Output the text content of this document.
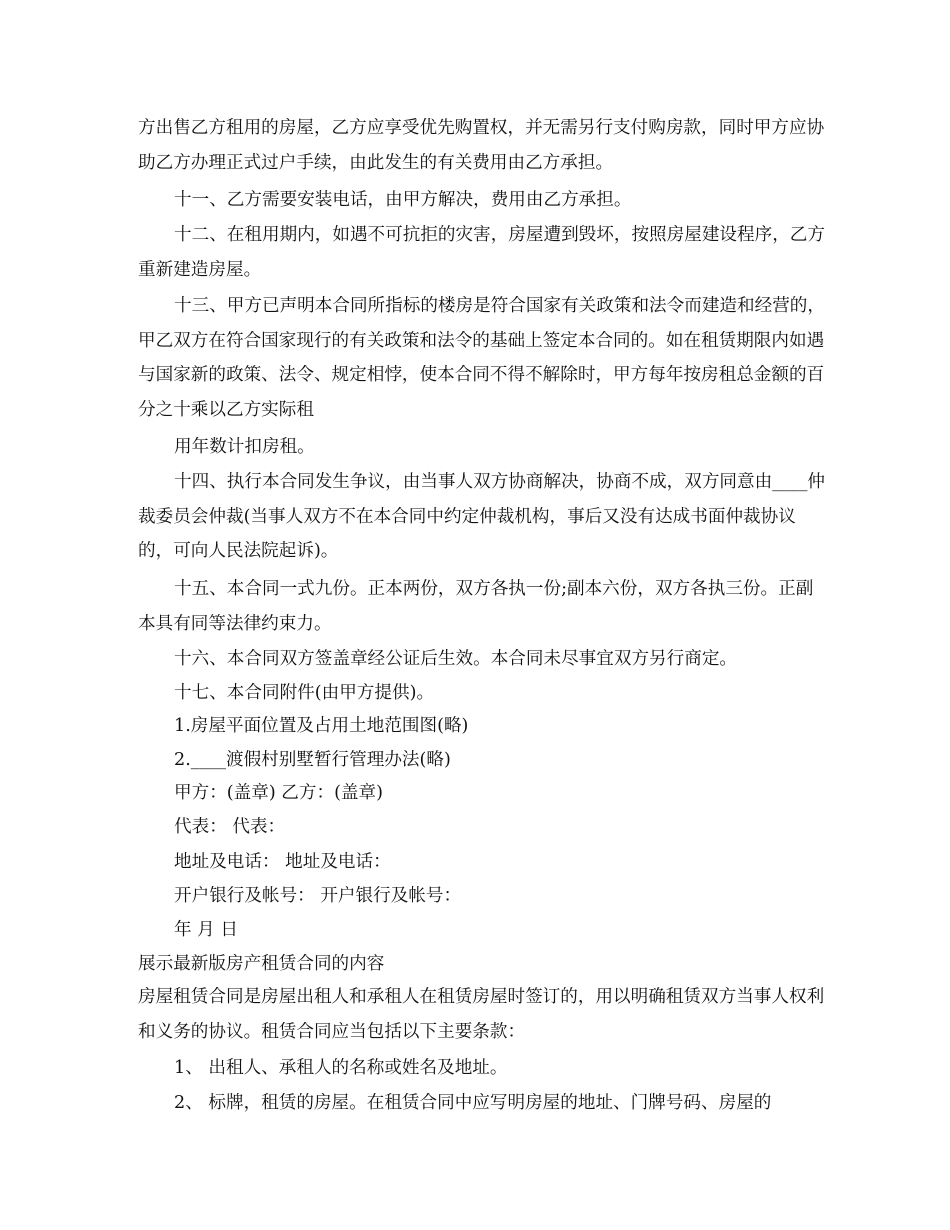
方出售乙方租用的房屋，乙方应享受优先购置权，并无需另行支付购房款，同时甲方应协助乙方办理正式过户手续，由此发生的有关费用由乙方承担。

十一、乙方需要安装电话，由甲方解决，费用由乙方承担。

十二、在租用期内，如遇不可抗拒的灾害，房屋遭到毁坏，按照房屋建设程序，乙方重新建造房屋。

十三、甲方已声明本合同所指标的楼房是符合国家有关政策和法令而建造和经营的，甲乙双方在符合国家现行的有关政策和法令的基础上签定本合同的。如在租赁期限内如遇与国家新的政策、法令、规定相悖，使本合同不得不解除时，甲方每年按房租总金额的百分之十乘以乙方实际租

用年数计扣房租。

十四、执行本合同发生争议，由当事人双方协商解决，协商不成，双方同意由____仲裁委员会仲裁(当事人双方不在本合同中约定仲裁机构，事后又没有达成书面仲裁协议的，可向人民法院起诉)。

十五、本合同一式九份。正本两份，双方各执一份;副本六份，双方各执三份。正副本具有同等法律约束力。

十六、本合同双方签盖章经公证后生效。本合同未尽事宜双方另行商定。

十七、本合同附件(由甲方提供)。

1.房屋平面位置及占用土地范围图(略)

2.____渡假村别墅暂行管理办法(略)

甲方：(盖章) 乙方：(盖章)

代表： 代表：

地址及电话： 地址及电话：

开户银行及帐号： 开户银行及帐号：

年 月 日

展示最新版房产租赁合同的内容

房屋租赁合同是房屋出租人和承租人在租赁房屋时签订的，用以明确租赁双方当事人权利和义务的协议。租赁合同应当包括以下主要条款：

1、 出租人、承租人的名称或姓名及地址。

2、 标牌，租赁的房屋。在租赁合同中应写明房屋的地址、门牌号码、房屋的
